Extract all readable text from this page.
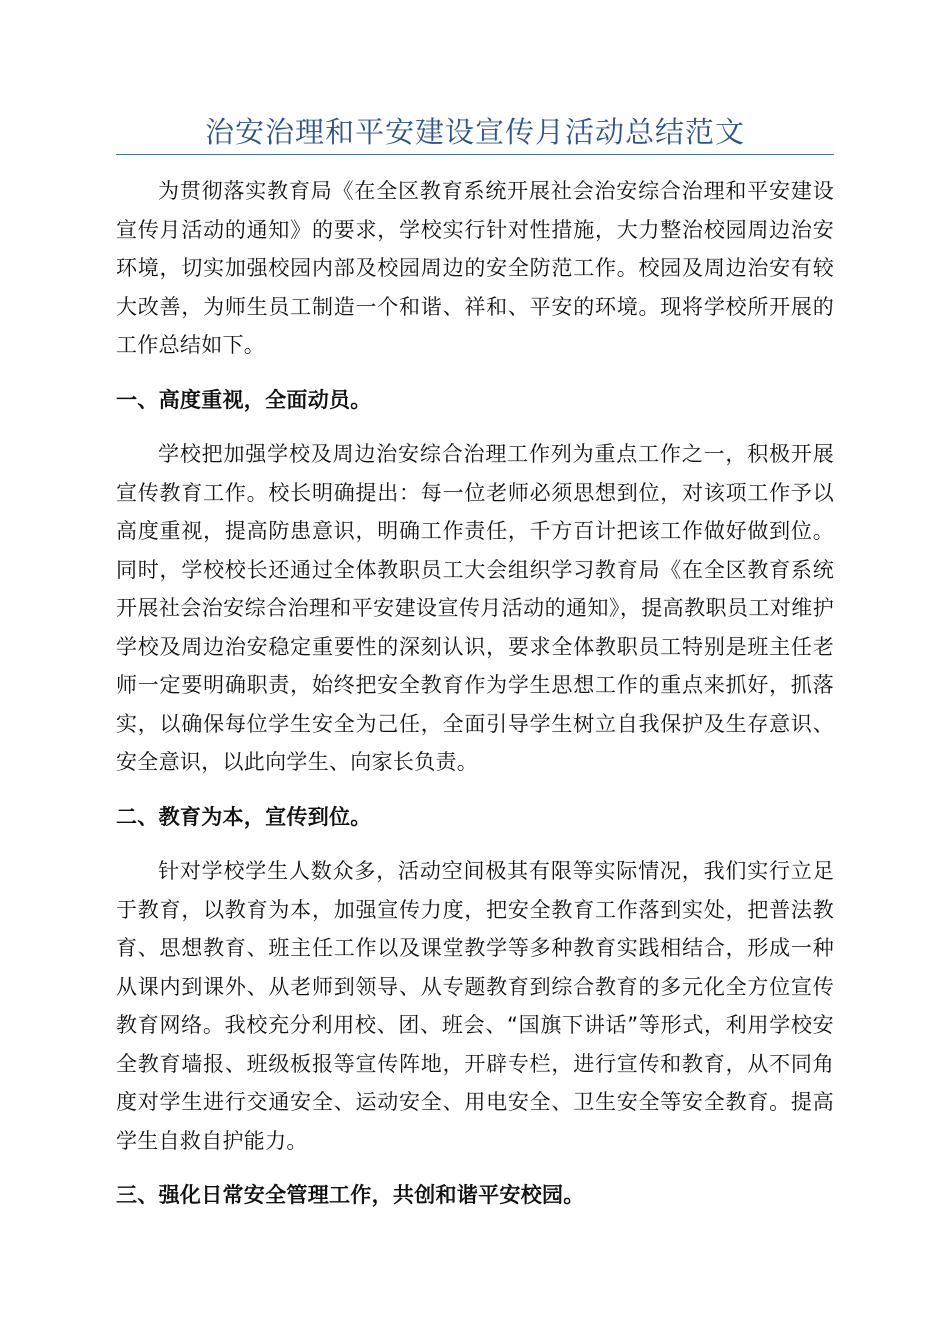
治安治理和平安建设宣传月活动总结范文

为贯彻落实教育局《在全区教育系统开展社会治安综合治理和平安建设宣传月活动的通知》的要求，学校实行针对性措施，大力整治校园周边治安环境，切实加强校园内部及校园周边的安全防范工作。校园及周边治安有较大改善，为师生员工制造一个和谐、祥和、平安的环境。现将学校所开展的工作总结如下。

一、高度重视，全面动员。

学校把加强学校及周边治安综合治理工作列为重点工作之一，积极开展宣传教育工作。校长明确提出：每一位老师必须思想到位，对该项工作予以高度重视，提高防患意识，明确工作责任，千方百计把该工作做好做到位。同时，学校校长还通过全体教职员工大会组织学习教育局《在全区教育系统开展社会治安综合治理和平安建设宣传月活动的通知》，提高教职员工对维护学校及周边治安稳定重要性的深刻认识，要求全体教职员工特别是班主任老师一定要明确职责，始终把安全教育作为学生思想工作的重点来抓好，抓落实，以确保每位学生安全为己任，全面引导学生树立自我保护及生存意识、安全意识，以此向学生、向家长负责。

二、教育为本，宣传到位。

针对学校学生人数众多，活动空间极其有限等实际情况，我们实行立足于教育，以教育为本，加强宣传力度，把安全教育工作落到实处，把普法教育、思想教育、班主任工作以及课堂教学等多种教育实践相结合，形成一种从课内到课外、从老师到领导、从专题教育到综合教育的多元化全方位宣传教育网络。我校充分利用校、团、班会、“国旗下讲话”等形式，利用学校安全教育墙报、班级板报等宣传阵地，开辟专栏，进行宣传和教育，从不同角度对学生进行交通安全、运动安全、用电安全、卫生安全等安全教育。提高学生自救自护能力。

三、强化日常安全管理工作，共创和谐平安校园。
